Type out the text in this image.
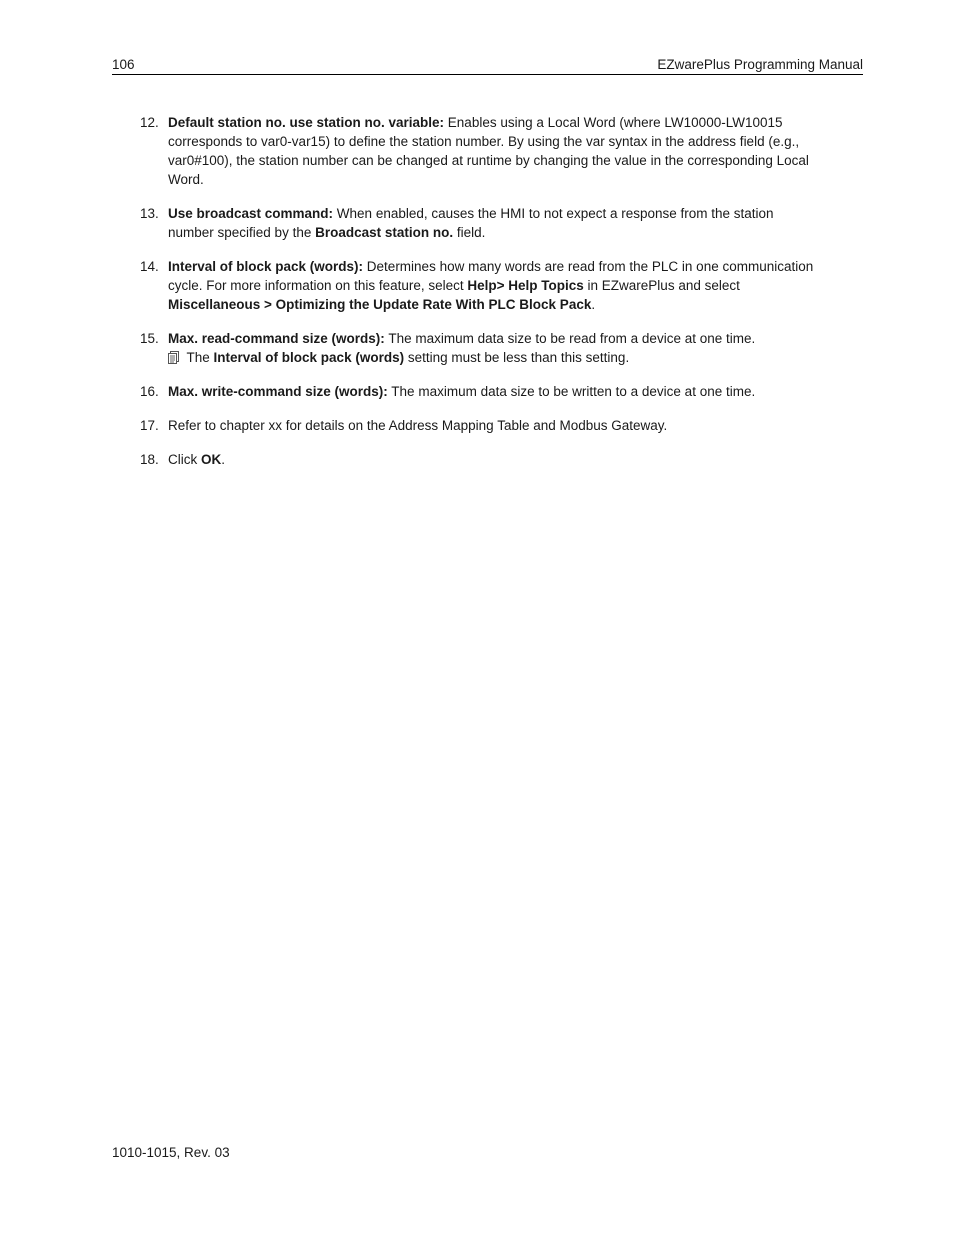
106	EZwarePlus Programming Manual
12. Default station no. use station no. variable: Enables using a Local Word (where LW10000-LW10015 corresponds to var0-var15) to define the station number. By using the var syntax in the address field (e.g., var0#100), the station number can be changed at runtime by changing the value in the corresponding Local Word.
13. Use broadcast command: When enabled, causes the HMI to not expect a response from the station number specified by the Broadcast station no. field.
14. Interval of block pack (words): Determines how many words are read from the PLC in one communication cycle. For more information on this feature, select Help> Help Topics in EZwarePlus and select Miscellaneous > Optimizing the Update Rate With PLC Block Pack.
15. Max. read-command size (words): The maximum data size to be read from a device at one time.
The Interval of block pack (words) setting must be less than this setting.
16. Max. write-command size (words): The maximum data size to be written to a device at one time.
17. Refer to chapter xx for details on the Address Mapping Table and Modbus Gateway.
18. Click OK.
1010-1015, Rev. 03
